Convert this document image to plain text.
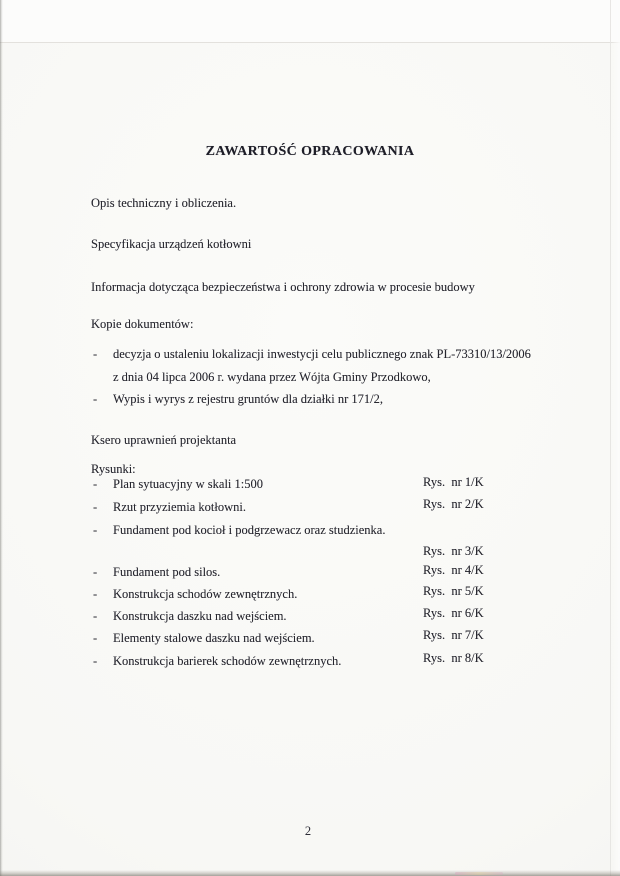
ZAWARTOŚĆ OPRACOWANIA
Opis techniczny i obliczenia.
Specyfikacja urządzeń kotłowni
Informacja dotycząca bezpieczeństwa i ochrony zdrowia w procesie budowy
Kopie dokumentów:
- decyzja o ustaleniu lokalizacji inwestycji celu publicznego znak PL-73310/13/2006
z dnia 04 lipca 2006 r. wydana przez Wójta Gminy Przodkowo,
- Wypis i wyrys z rejestru gruntów dla działki nr 171/2,
Ksero uprawnień projektanta
Rysunki:
- Plan sytuacyjny w skali 1:500	Rys.  nr 1/K
- Rzut przyziemia kotłowni.	Rys.  nr 2/K
- Fundament pod kocioł i podgrzewacz oraz studzienka.
Rys.  nr 3/K
- Fundament pod silos.	Rys.  nr 4/K
- Konstrukcja schodów zewnętrznych.	Rys.  nr 5/K
- Konstrukcja daszku nad wejściem.	Rys.  nr 6/K
- Elementy stalowe daszku nad wejściem.	Rys.  nr 7/K
- Konstrukcja barierek schodów zewnętrznych.	Rys.  nr 8/K
2
